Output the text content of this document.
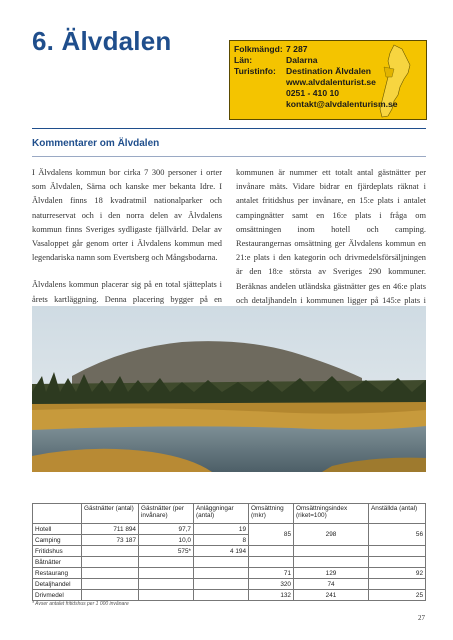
6. Älvdalen	Folkmängd: 7 287
Län:	Dalarna
Turistinfo: Destination Älvdalen
www.alvdalenturist.se
0251 - 410 10
kontakt@alvdalenturism.se
Kommentarer om Älvdalen

I Älvdalens kommun bor cirka 7 300 personer i orter som Älvdalen, Särna och kanske mer bekanta Idre. I Älvdalen finns 18 kvadratmil nationalparker och naturreservat och i den norra delen av Älvdalens kommun finns Sveriges sydligaste fjällvärld. Delar av Vasaloppet går genom orter i Älvdalens kommun med legendariska namn som Evertsberg och Mångsbodarna.

Älvdalens kommun placerar sig på en total sjätteplats i årets kartläggning. Denna placering bygger på en

kommunen är nummer ett totalt antal gästnätter per invånare mäts. Vidare bidrar en fjärdeplats räknat i antalet fritidshus per invånare, en 15:e plats i antalet campingnätter samt en 16:e plats i fråga om omsättningen inom hotell och camping. Restaurangernas omsättning ger Älvdalens kommun en 21:e plats i den kategorin och drivmedelsförsäljningen är den 18:e största av Sveriges 290 kommuner. Beräknas andelen utländska gästnätter ges en 46:e plats och detaljhandeln i kommunen ligger på 145:e plats i

	Gästnätter (antal)	Gästnätter (per invånare)	Anläggningar (antal)	Omsättning (mkr)	Omsättningsindex (riket=100)	Anställda (antal)
Hotell	711 894	97,7	19	85	298	56
Camping	73 187	10,0	8			
Fritidshus		575*	4 194			
Båtnätter						
Restaurang				71	129	92
Detaljhandel				320	74	
Drivmedel				132	241	25
* Avser antalet fritidshus per 1 000 invånare
27
